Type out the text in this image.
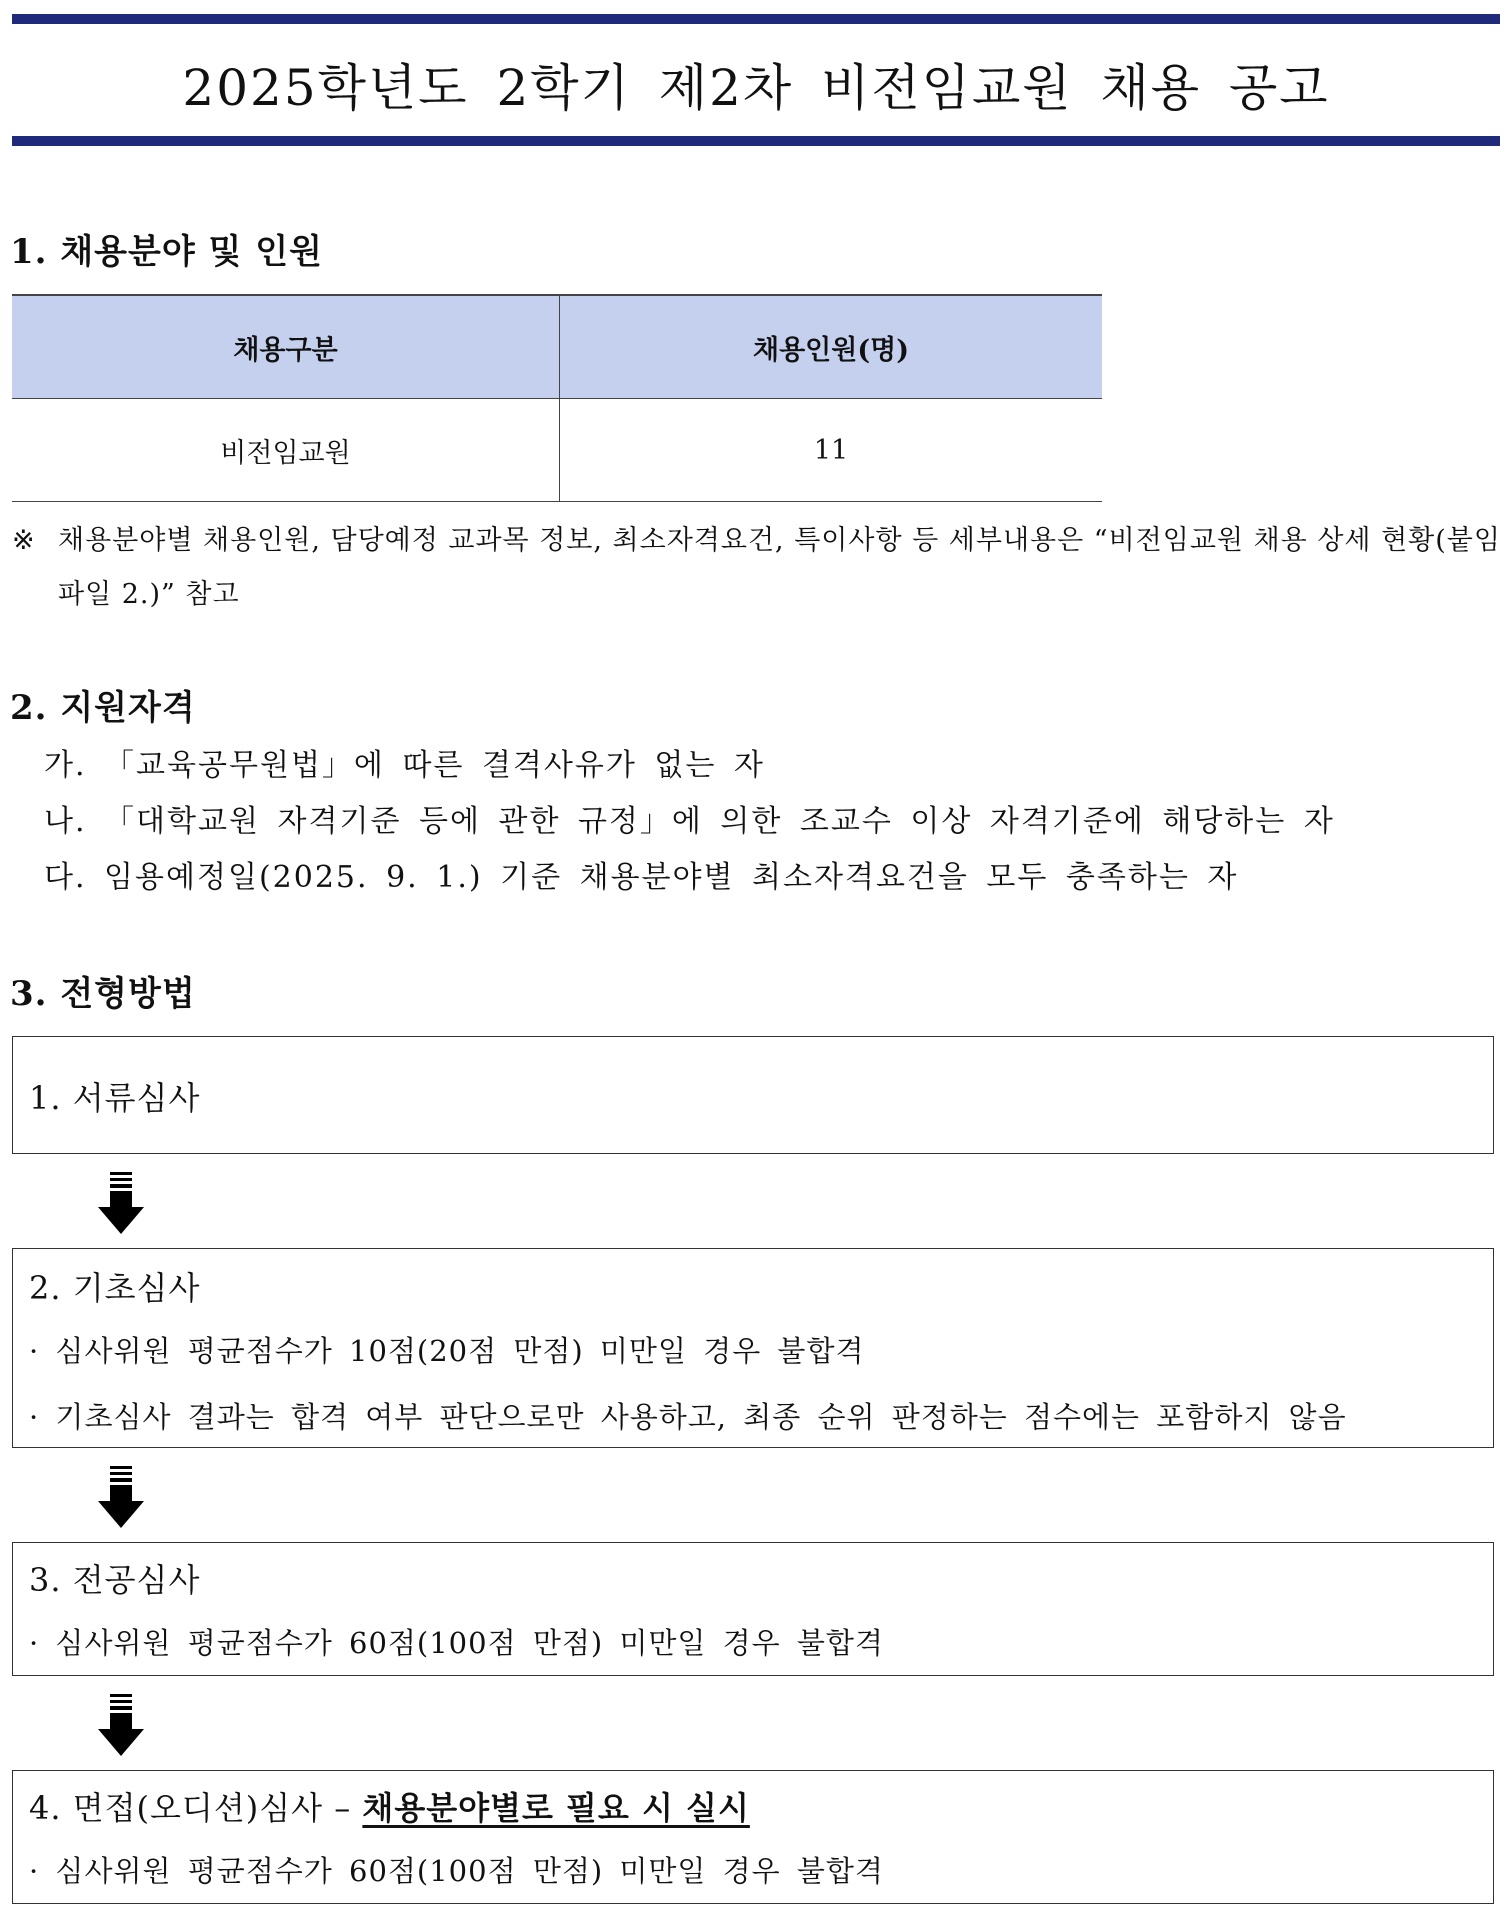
2025학년도 2학기 제2차 비전임교원 채용 공고
1. 채용분야 및 인원
채용구분	채용인원(명)
비전임교원	11
※ 채용분야별 채용인원, 담당예정 교과목 정보, 최소자격요건, 특이사항 등 세부내용은 “비전임교원 채용 상세 현황(붙임파일 2.)” 참고
2. 지원자격
가. 「교육공무원법」에 따른 결격사유가 없는 자
나. 「대학교원 자격기준 등에 관한 규정」에 의한 조교수 이상 자격기준에 해당하는 자
다. 임용예정일(2025. 9. 1.) 기준 채용분야별 최소자격요건을 모두 충족하는 자
3. 전형방법
1. 서류심사
2. 기초심사
· 심사위원 평균점수가 10점(20점 만점) 미만일 경우 불합격
· 기초심사 결과는 합격 여부 판단으로만 사용하고, 최종 순위 판정하는 점수에는 포함하지 않음
3. 전공심사
· 심사위원 평균점수가 60점(100점 만점) 미만일 경우 불합격
4. 면접(오디션)심사 – 채용분야별로 필요 시 실시
· 심사위원 평균점수가 60점(100점 만점) 미만일 경우 불합격
